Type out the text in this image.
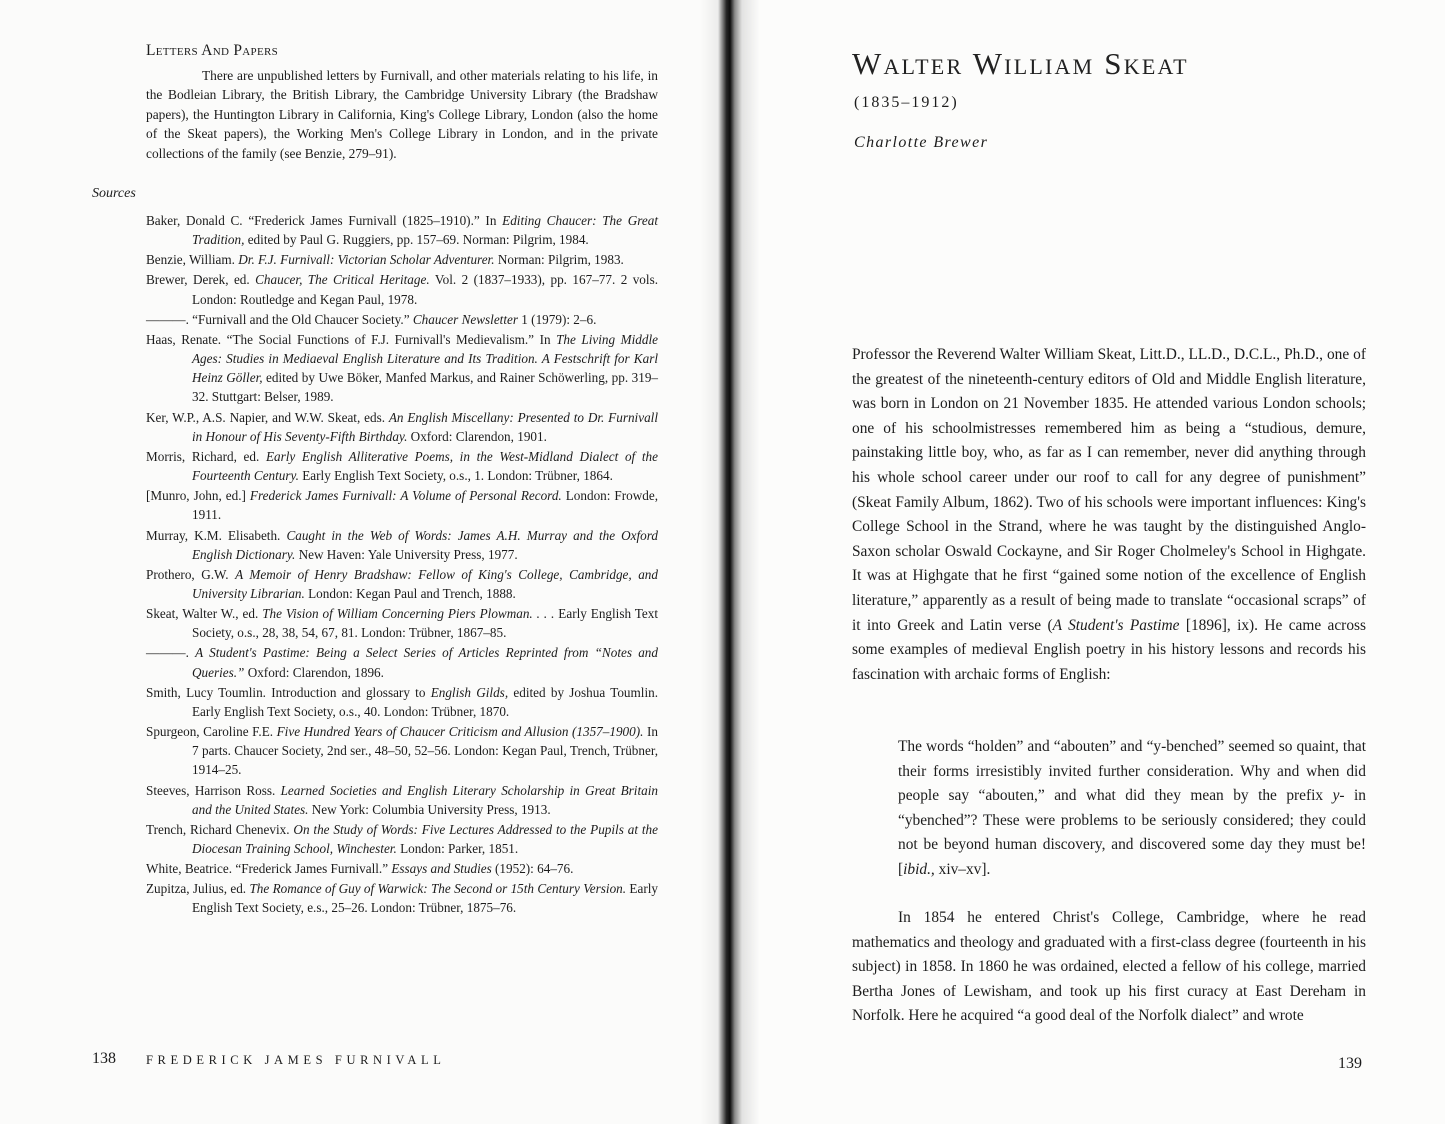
Letters And Papers

There are unpublished letters by Furnivall, and other materials relating to his life, in the Bodleian Library, the British Library, the Cambridge University Library (the Bradshaw papers), the Huntington Library in California, King's College Library, London (also the home of the Skeat papers), the Working Men's College Library in London, and in the private collections of the family (see Benzie, 279–91).

Sources
Baker, Donald C. “Frederick James Furnivall (1825–1910).” In Editing Chaucer: The Great Tradition, edited by Paul G. Ruggiers, pp. 157–69. Norman: Pilgrim, 1984.
Benzie, William. Dr. F.J. Furnivall: Victorian Scholar Adventurer. Norman: Pilgrim, 1983.
Brewer, Derek, ed. Chaucer, The Critical Heritage. Vol. 2 (1837–1933), pp. 167–77. 2 vols. London: Routledge and Kegan Paul, 1978.
———. “Furnivall and the Old Chaucer Society.” Chaucer Newsletter 1 (1979): 2–6.
Haas, Renate. “The Social Functions of F.J. Furnivall's Medievalism.” In The Living Middle Ages: Studies in Mediaeval English Literature and Its Tradition. A Festschrift for Karl Heinz Göller, edited by Uwe Böker, Manfed Markus, and Rainer Schöwerling, pp. 319–32. Stuttgart: Belser, 1989.
Ker, W.P., A.S. Napier, and W.W. Skeat, eds. An English Miscellany: Presented to Dr. Furnivall in Honour of His Seventy-Fifth Birthday. Oxford: Clarendon, 1901.
Morris, Richard, ed. Early English Alliterative Poems, in the West-Midland Dialect of the Fourteenth Century. Early English Text Society, o.s., 1. London: Trübner, 1864.
[Munro, John, ed.] Frederick James Furnivall: A Volume of Personal Record. London: Frowde, 1911.
Murray, K.M. Elisabeth. Caught in the Web of Words: James A.H. Murray and the Oxford English Dictionary. New Haven: Yale University Press, 1977.
Prothero, G.W. A Memoir of Henry Bradshaw: Fellow of King's College, Cambridge, and University Librarian. London: Kegan Paul and Trench, 1888.
Skeat, Walter W., ed. The Vision of William Concerning Piers Plowman. . . . Early English Text Society, o.s., 28, 38, 54, 67, 81. London: Trübner, 1867–85.
———. A Student's Pastime: Being a Select Series of Articles Reprinted from “Notes and Queries.” Oxford: Clarendon, 1896.
Smith, Lucy Toumlin. Introduction and glossary to English Gilds, edited by Joshua Toumlin. Early English Text Society, o.s., 40. London: Trübner, 1870.
Spurgeon, Caroline F.E. Five Hundred Years of Chaucer Criticism and Allusion (1357–1900). In 7 parts. Chaucer Society, 2nd ser., 48–50, 52–56. London: Kegan Paul, Trench, Trübner, 1914–25.
Steeves, Harrison Ross. Learned Societies and English Literary Scholarship in Great Britain and the United States. New York: Columbia University Press, 1913.
Trench, Richard Chenevix. On the Study of Words: Five Lectures Addressed to the Pupils at the Diocesan Training School, Winchester. London: Parker, 1851.
White, Beatrice. “Frederick James Furnivall.” Essays and Studies (1952): 64–76.
Zupitza, Julius, ed. The Romance of Guy of Warwick: The Second or 15th Century Version. Early English Text Society, e.s., 25–26. London: Trübner, 1875–76.
138 FREDERICK JAMES FURNIVALL
Walter William Skeat
(1835–1912)
Charlotte Brewer

Professor the Reverend Walter William Skeat, Litt.D., LL.D., D.C.L., Ph.D., one of the greatest of the nineteenth-century editors of Old and Middle English literature, was born in London on 21 November 1835. He attended various London schools; one of his schoolmistresses remembered him as being a “studious, demure, painstaking little boy, who, as far as I can remember, never did anything through his whole school career under our roof to call for any degree of punishment” (Skeat Family Album, 1862). Two of his schools were important influences: King's College School in the Strand, where he was taught by the distinguished Anglo-Saxon scholar Oswald Cockayne, and Sir Roger Cholmeley's School in Highgate. It was at Highgate that he first “gained some notion of the excellence of English literature,” apparently as a result of being made to translate “occasional scraps” of it into Greek and Latin verse (A Student's Pastime [1896], ix). He came across some examples of medieval English poetry in his history lessons and records his fascination with archaic forms of English:

The words “holden” and “abouten” and “y-benched” seemed so quaint, that their forms irresistibly invited further consideration. Why and when did people say “abouten,” and what did they mean by the prefix y- in “ybenched”? These were problems to be seriously considered; they could not be beyond human discovery, and discovered some day they must be! [ibid., xiv–xv].

In 1854 he entered Christ's College, Cambridge, where he read mathematics and theology and graduated with a first-class degree (fourteenth in his subject) in 1858. In 1860 he was ordained, elected a fellow of his college, married Bertha Jones of Lewisham, and took up his first curacy at East Dereham in Norfolk. Here he acquired “a good deal of the Norfolk dialect” and wrote

139
